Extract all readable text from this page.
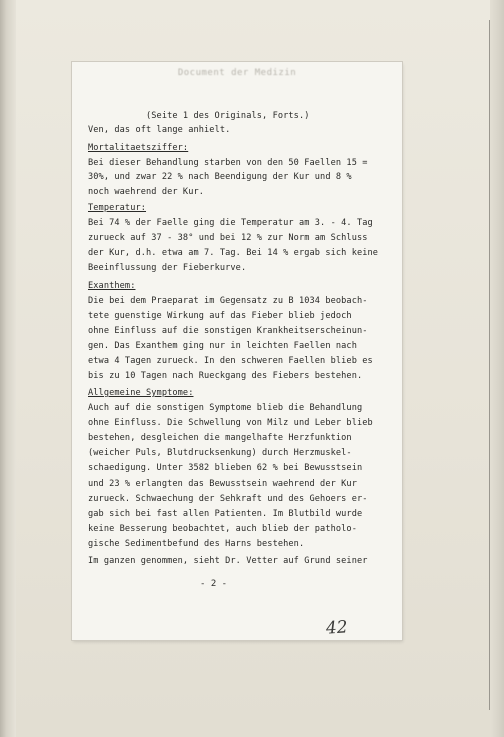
Document der Medizin
(Seite 1 des Originals, Forts.)
Ven, das oft lange anhielt.
Mortalitaetsziffer:
Bei dieser Behandlung starben von den 50 Faellen 15 =
30%, und zwar 22 % nach Beendigung der Kur und 8 %
noch waehrend der Kur.
Temperatur:
Bei 74 % der Faelle ging die Temperatur am 3. - 4. Tag
zurueck auf 37 - 38° und bei 12 % zur Norm am Schluss
der Kur, d.h. etwa am 7. Tag. Bei 14 % ergab sich keine
Beeinflussung der Fieberkurve.
Exanthem:
Die bei dem Praeparat im Gegensatz zu B 1034 beobach-
tete guenstige Wirkung auf das Fieber blieb jedoch
ohne Einfluss auf die sonstigen Krankheitserscheinun-
gen. Das Exanthem ging nur in leichten Faellen nach
etwa 4 Tagen zurueck. In den schweren Faellen blieb es
bis zu 10 Tagen nach Rueckgang des Fiebers bestehen.
Allgemeine Symptome:
Auch auf die sonstigen Symptome blieb die Behandlung
ohne Einfluss. Die Schwellung von Milz und Leber blieb
bestehen, desgleichen die mangelhafte Herzfunktion
(weicher Puls, Blutdrucksenkung) durch Herzmuskel-
schaedigung. Unter 3582 blieben 62 % bei Bewusstsein
und 23 % erlangten das Bewusstsein waehrend der Kur
zurueck. Schwaechung der Sehkraft und des Gehoers er-
gab sich bei fast allen Patienten. Im Blutbild wurde
keine Besserung beobachtet, auch blieb der patholo-
gische Sedimentbefund des Harns bestehen.
Im ganzen genommen, sieht Dr. Vetter auf Grund seiner
- 2 -
42
